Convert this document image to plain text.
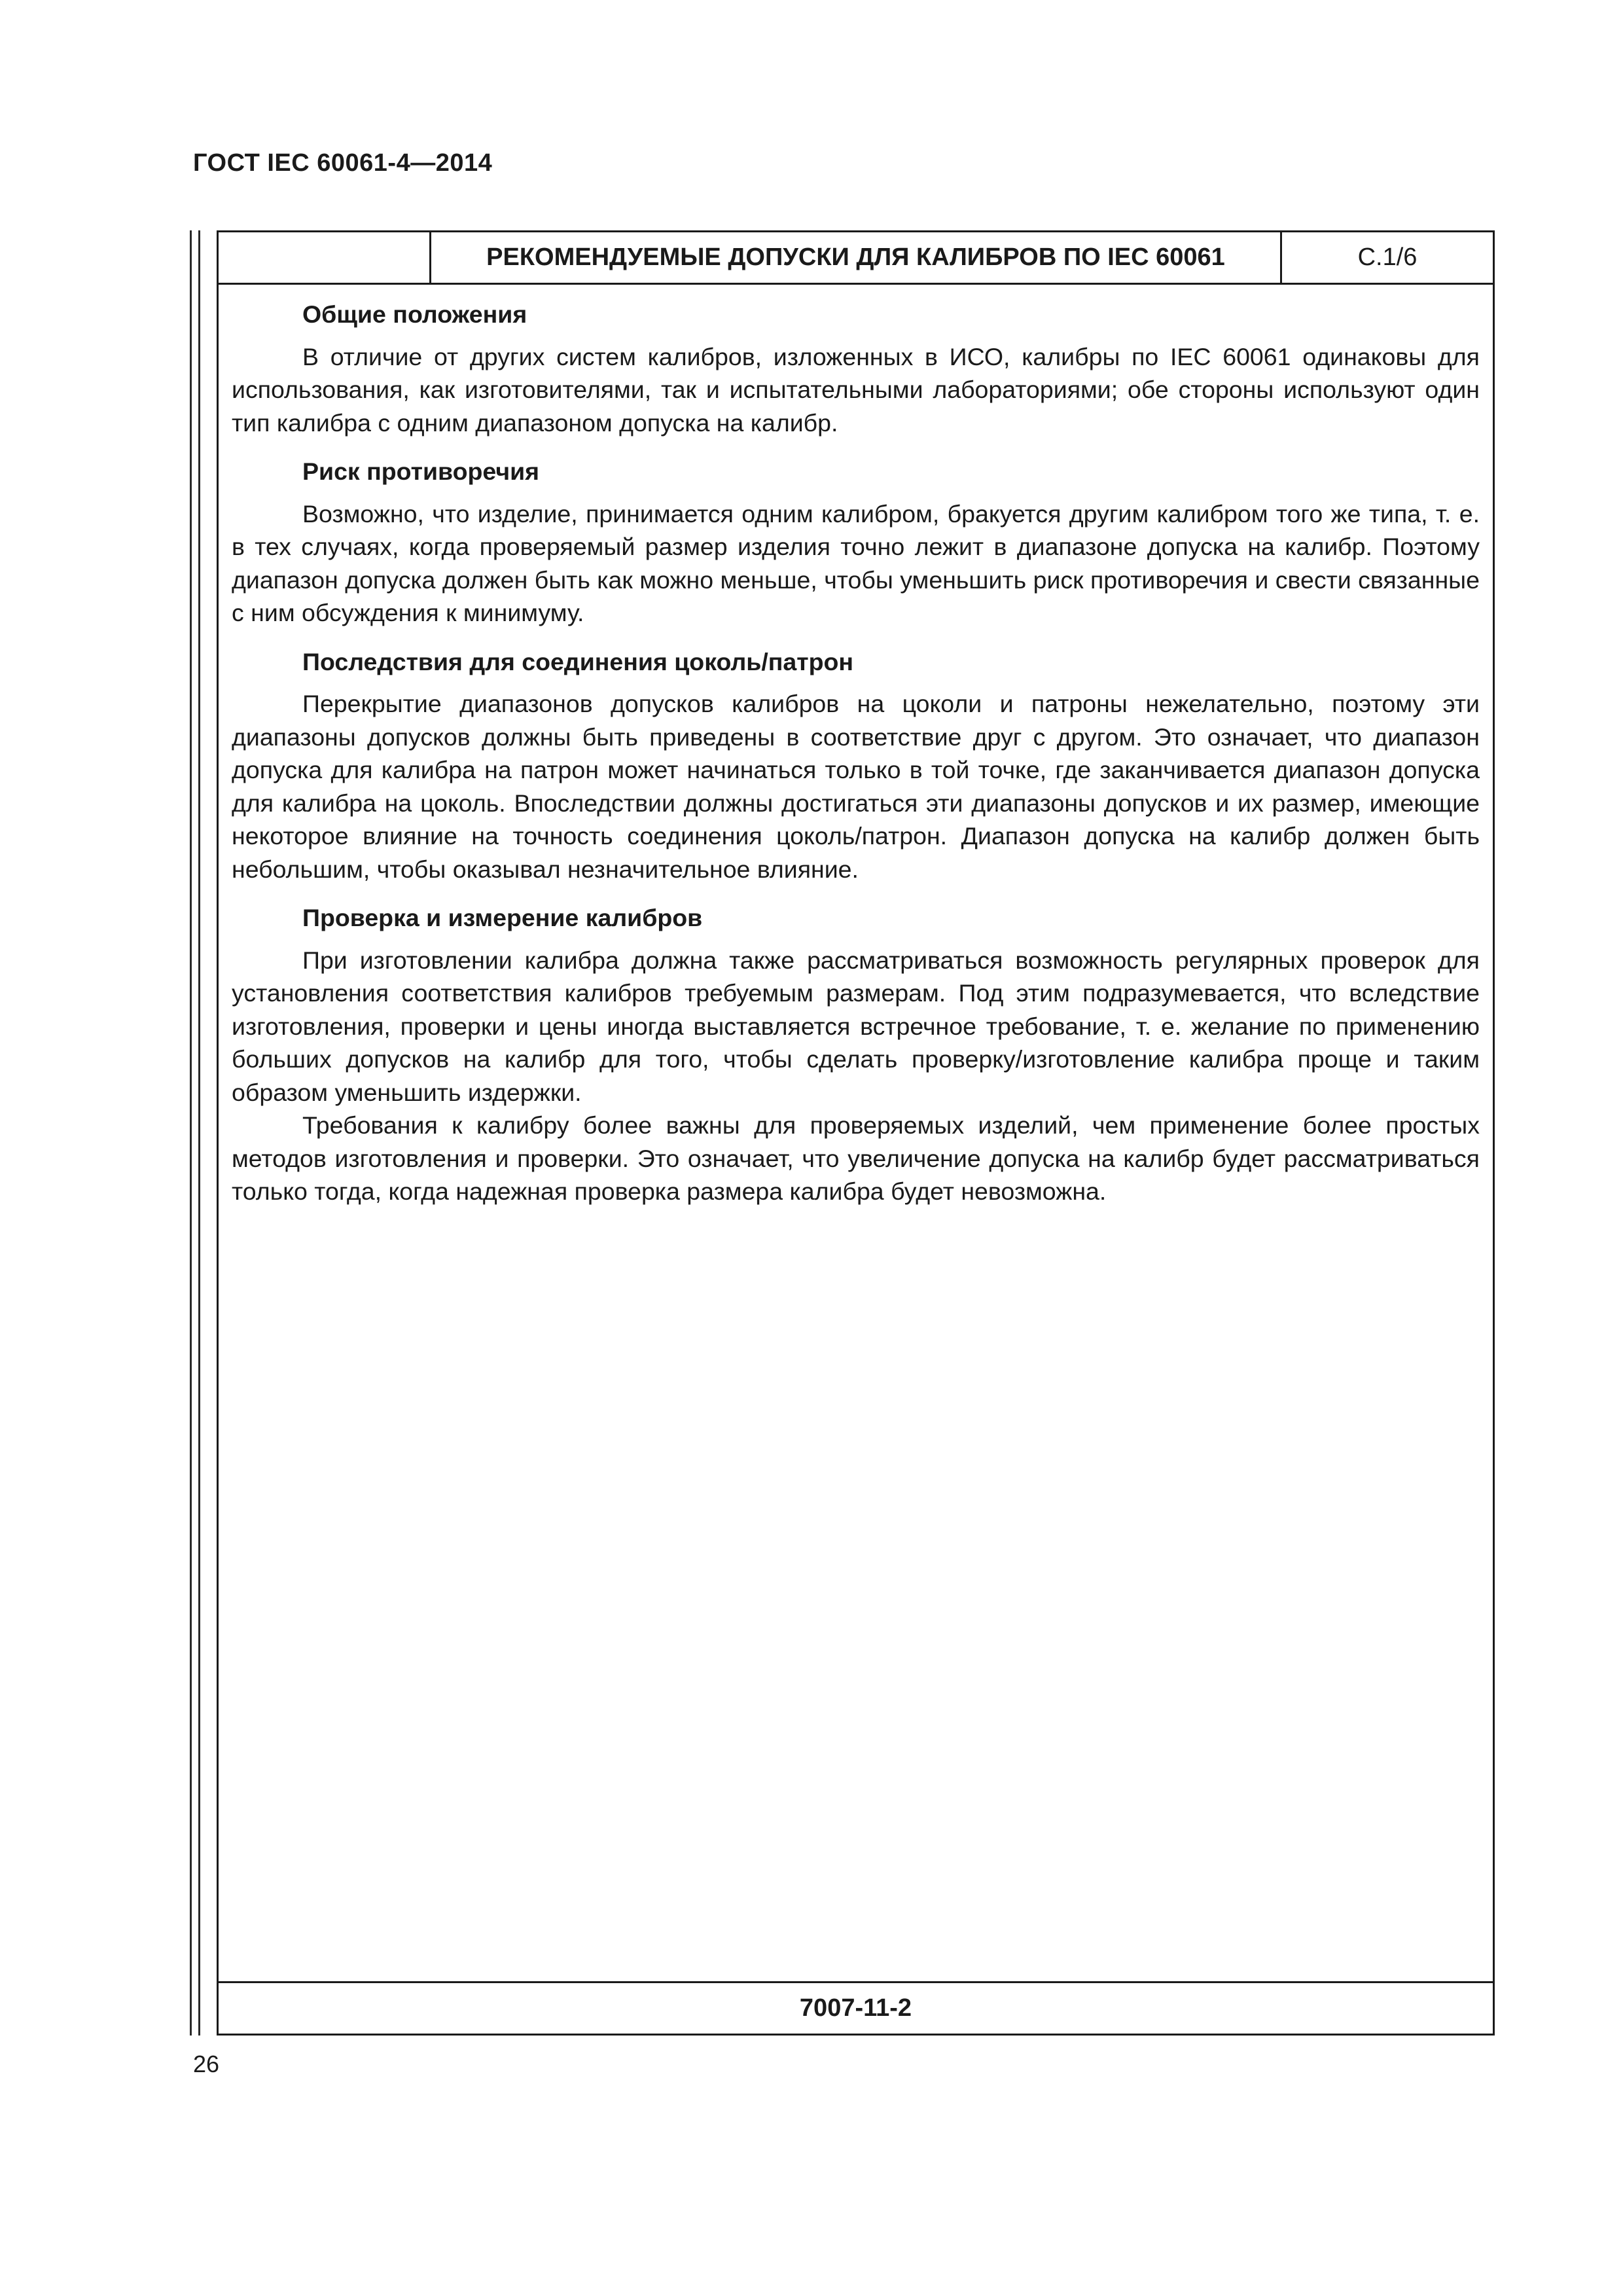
ГОСТ IEC 60061-4—2014
РЕКОМЕНДУЕМЫЕ ДОПУСКИ ДЛЯ КАЛИБРОВ ПО IEC 60061	С.1/6

Общие положения

В отличие от других систем калибров, изложенных в ИСО, калибры по IEC 60061 одинаковы для использования, как изготовителями, так и испытательными лабораториями; обе стороны используют один тип калибра с одним диапазоном допуска на калибр.

Риск противоречия

Возможно, что изделие, принимается одним калибром, бракуется другим калибром того же типа, т. е. в тех случаях, когда проверяемый размер изделия точно лежит в диапазоне допуска на калибр. Поэтому диапазон допуска должен быть как можно меньше, чтобы уменьшить риск противоречия и свести связанные с ним обсуждения к минимуму.

Последствия для соединения цоколь/патрон

Перекрытие диапазонов допусков калибров на цоколи и патроны нежелательно, поэтому эти диапазоны допусков должны быть приведены в соответствие друг с другом. Это означает, что диапазон допуска для калибра на патрон может начинаться только в той точке, где заканчивается диапазон допуска для калибра на цоколь. Впоследствии должны достигаться эти диапазоны допусков и их размер, имеющие некоторое влияние на точность соединения цоколь/патрон. Диапазон допуска на калибр должен быть небольшим, чтобы оказывал незначительное влияние.

Проверка и измерение калибров

При изготовлении калибра должна также рассматриваться возможность регулярных проверок для установления соответствия калибров требуемым размерам. Под этим подразумевается, что вследствие изготовления, проверки и цены иногда выставляется встречное требование, т. е. желание по применению больших допусков на калибр для того, чтобы сделать проверку/изготовление калибра проще и таким образом уменьшить издержки.

Требования к калибру более важны для проверяемых изделий, чем применение более простых методов изготовления и проверки. Это означает, что увеличение допуска на калибр будет рассматриваться только тогда, когда надежная проверка размера калибра будет невозможна.

7007-11-2
26
